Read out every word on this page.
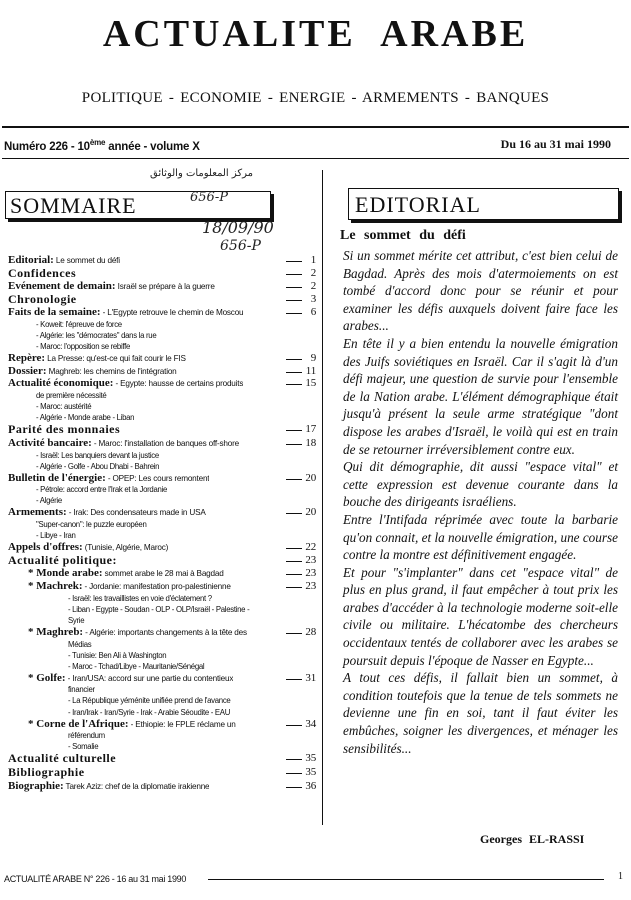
ACTUALITE ARABE
POLITIQUE - ECONOMIE - ENERGIE - ARMEMENTS - BANQUES
Numéro 226 - 10ème année - volume X	Du 16 au 31 mai 1990
SOMMAIRE
مركز المعلومات والوثائق
656-P
18/09/90
656-P
Editorial: Le sommet du défi	1
Confidences	2
Evénement de demain: Israël se prépare à la guerre	2
Chronologie	3
Faits de la semaine: - L'Egypte retrouve le chemin de Moscou	6
- Koweit: l'épreuve de force
- Algérie: les "démocrates" dans la rue
- Maroc: l'opposition se rebiffe
Repère: La Presse: qu'est-ce qui fait courir le FIS	9
Dossier: Maghreb: les chemins de l'intégration	11
Actualité économique: - Egypte: hausse de certains produits	15
de première nécessité
- Maroc: austérité
- Algérie - Monde arabe - Liban
Parité des monnaies	17
Activité bancaire: - Maroc: l'installation de banques off-shore	18
- Israël: Les banquiers devant la justice
- Algérie - Golfe - Abou Dhabi - Bahrein
Bulletin de l'énergie: - OPEP: Les cours remontent	20
- Pétrole: accord entre l'Irak et la Jordanie
- Algérie
Armements: - Irak: Des condensateurs made in USA	20
"Super-canon": le puzzle européen
- Libye - Iran
Appels d'offres: (Tunisie, Algérie, Maroc)	22
Actualité politique:	23
* Monde arabe: sommet arabe le 28 mai à Bagdad	23
* Machrek: - Jordanie: manifestation pro-palestinienne	23
- Israël: les travaillistes en voie d'éclatement ?
- Liban - Egypte - Soudan - OLP - OLP/Israël - Palestine -
Syrie
* Maghreb: - Algérie: importants changements à la tête des	28
Médias
- Tunisie: Ben Ali à Washington
- Maroc - Tchad/Libye - Mauritanie/Sénégal
* Golfe: - Iran/USA: accord sur une partie du contentieux	31
financier
- La République yéménite unifiée prend de l'avance
- Iran/Irak - Iran/Syrie - Irak - Arabie Séoudite - EAU
* Corne de l'Afrique: - Ethiopie: le FPLE réclame un	34
référendum
- Somalie
Actualité culturelle	35
Bibliographie	35
Biographie: Tarek Aziz: chef de la diplomatie irakienne	36
EDITORIAL
Le sommet du défi

Si un sommet mérite cet attribut, c'est bien celui de Bagdad. Après des mois d'atermoiements on est tombé d'accord donc pour se réunir et pour examiner les défis auxquels doivent faire face les arabes...

En tête il y a bien entendu la nouvelle émigration des Juifs soviétiques en Israël. Car il s'agit là d'un défi majeur, une question de survie pour l'ensemble de la Nation arabe. L'élément démographique était jusqu'à présent la seule arme stratégique "dont dispose les arabes d'Israël, le voilà qui est en train de se retourner irréversiblement contre eux.

Qui dit démographie, dit aussi "espace vital" et cette expression est devenue courante dans la bouche des dirigeants israéliens.

Entre l'Intifada réprimée avec toute la barbarie qu'on connait, et la nouvelle émigration, une course contre la montre est définitivement engagée.

Et pour "s'implanter" dans cet "espace vital" de plus en plus grand, il faut empêcher à tout prix les arabes d'accéder à la technologie moderne soit-elle civile ou militaire. L'hécatombe des chercheurs occidentaux tentés de collaborer avec les arabes se poursuit depuis l'époque de Nasser en Egypte...

A tout ces défis, il fallait bien un sommet, à condition toutefois que la tenue de tels sommets ne devienne une fin en soi, tant il faut éviter les embûches, soigner les divergences, et ménager les sensibilités...

Georges EL-RASSI
ACTUALITÉ ARABE N° 226 - 16 au 31 mai 1990	1
